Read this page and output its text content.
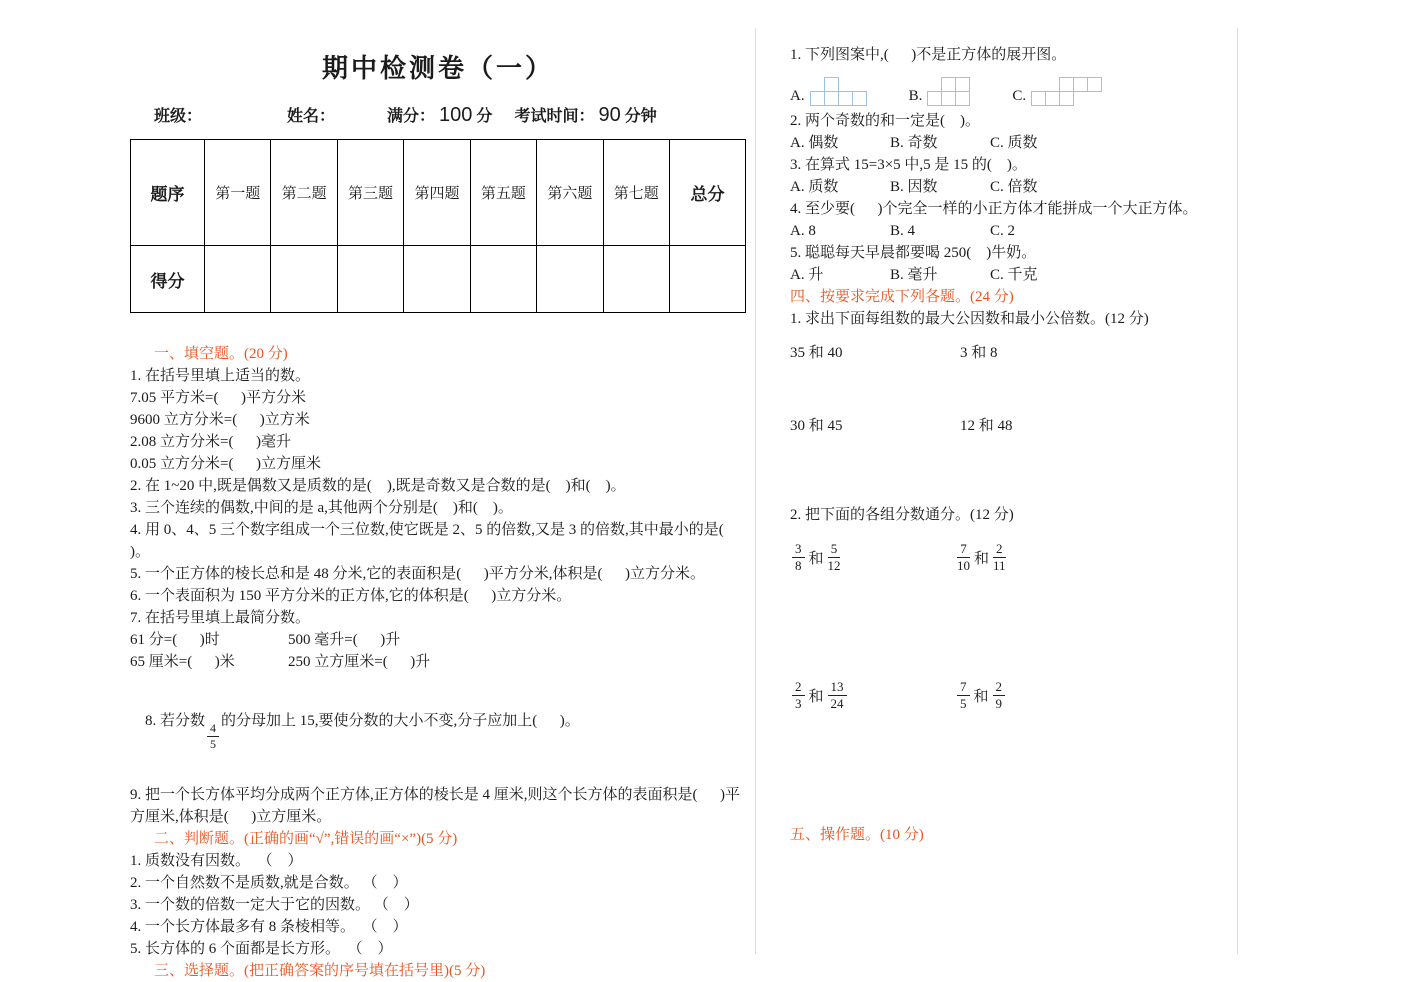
期中检测卷（一）
班级：	姓名：	满分： 100 分 考试时间： 90 分钟
题序	第一题	第二题	第三题	第四题	第五题	第六题	第七题	总分
得分								
一、填空题。(20 分)
1. 在括号里填上适当的数。
7.05 平方米=(      )平方分米
9600 立方分米=(      )立方米
2.08 立方分米=(      )毫升
0.05 立方分米=(      )立方厘米
2. 在 1~20 中,既是偶数又是质数的是(    ),既是奇数又是合数的是(    )和(    )。
3. 三个连续的偶数,中间的是 a,其他两个分别是(    )和(    )。
4. 用 0、4、5 三个数字组成一个三位数,使它既是 2、5 的倍数,又是 3 的倍数,其中最小的是(      )。
5. 一个正方体的棱长总和是 48 分米,它的表面积是(      )平方分米,体积是(      )立方分米。
6. 一个表面积为 150 平方分米的正方体,它的体积是(      )立方分米。
7. 在括号里填上最简分数。
61 分=(      )时	500 毫升=(      )升
65 厘米=(      )米	250 立方厘米=(      )升

8. 若分数
$\frac{4}{5}$
的分母加上 15,要使分数的大小不变,分子应加上(      )。

9. 把一个长方体平均分成两个正方体,正方体的棱长是 4 厘米,则这个长方体的表面积是(      )平方厘米,体积是(      )立方厘米。
二、判断题。(正确的画“√”,错误的画“×”)(5 分)
1. 质数没有因数。  （    ）
2. 一个自然数不是质数,就是合数。 （    ）
3. 一个数的倍数一定大于它的因数。 （    ）
4. 一个长方体最多有 8 条棱相等。  （    ）
5. 长方体的 6 个面都是长方形。  （    ）
三、选择题。(把正确答案的序号填在括号里)(5 分)
1. 下列图案中,(      )不是正方体的展开图。
A.	B.	C.
2. 两个奇数的和一定是(    )。
A. 偶数	B. 奇数	C. 质数
3. 在算式 15=3×5 中,5 是 15 的(    )。
A. 质数	B. 因数	C. 倍数
4. 至少要(      )个完全一样的小正方体才能拼成一个大正方体。
A. 8	B. 4	C. 2
5. 聪聪每天早晨都要喝 250(    )牛奶。
A. 升	B. 毫升	C. 千克
四、按要求完成下列各题。(24 分)
1. 求出下面每组数的最大公因数和最小公倍数。(12 分)
35 和 40	3 和 8
30 和 45	12 和 48
2. 把下面的各组分数通分。(12 分)
$\frac{3}{8}$ 和 $\frac{5}{12}$	$\frac{7}{10}$ 和 $\frac{2}{11}$
$\frac{2}{3}$ 和 $\frac{13}{24}$	$\frac{7}{5}$ 和 $\frac{2}{9}$
五、操作题。(10 分)
